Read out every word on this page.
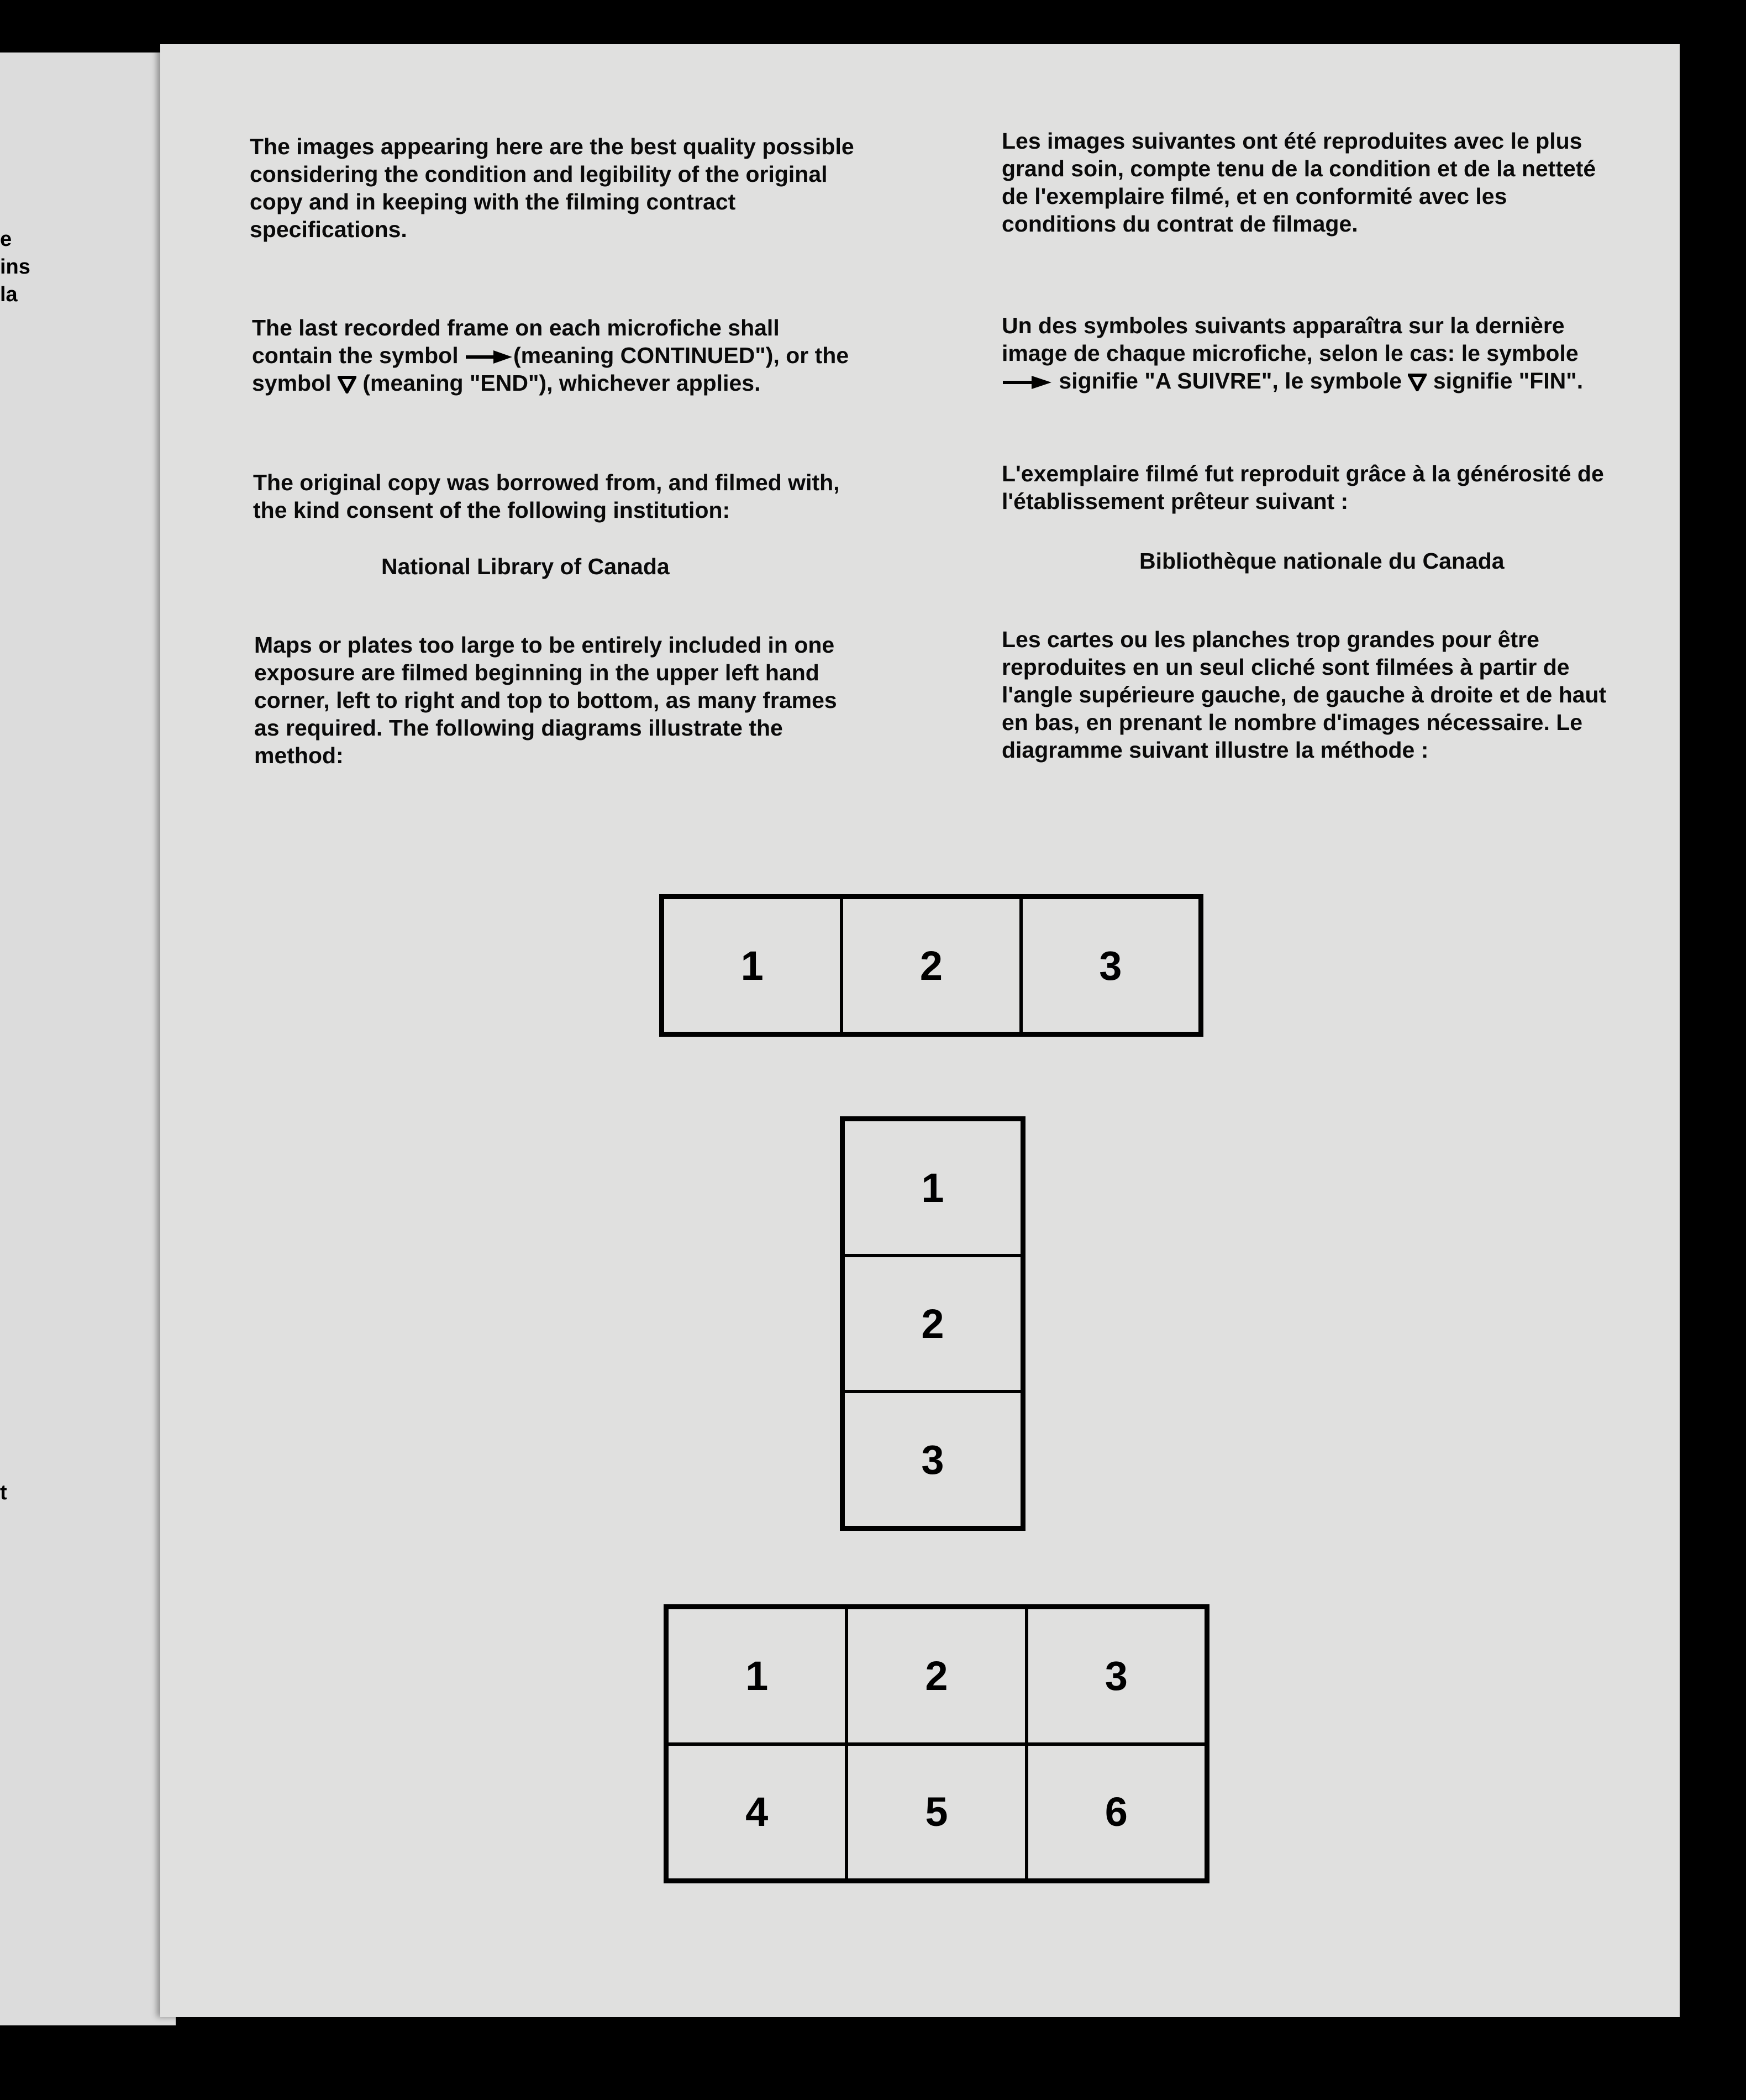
e
ins
la
t

The images appearing here are the best quality possible considering the condition and legibility of the original copy and in keeping with the filming contract specifications.

The last recorded frame on each microfiche shall contain the symbol (meaning CONTINUED"), or the symbol (meaning "END"), whichever applies.

The original copy was borrowed from, and filmed with, the kind consent of the following institution:

National Library of Canada

Maps or plates too large to be entirely included in one exposure are filmed beginning in the upper left hand corner, left to right and top to bottom, as many frames as required. The following diagrams illustrate the method:

Les images suivantes ont été reproduites avec le plus grand soin, compte tenu de la condition et de la netteté de l'exemplaire filmé, et en conformité avec les conditions du contrat de filmage.

Un des symboles suivants apparaîtra sur la dernière image de chaque microfiche, selon le cas: le symbole  signifie "A SUIVRE", le symbole signifie "FIN".

L'exemplaire filmé fut reproduit grâce à la générosité de l'établissement prêteur suivant :

Bibliothèque nationale du Canada

Les cartes ou les planches trop grandes pour être reproduites en un seul cliché sont filmées à partir de l'angle supérieure gauche, de gauche à droite et de haut en bas, en prenant le nombre d'images nécessaire. Le diagramme suivant illustre la méthode :

1	2	3
1
2
3
1	2	3
4	5	6
